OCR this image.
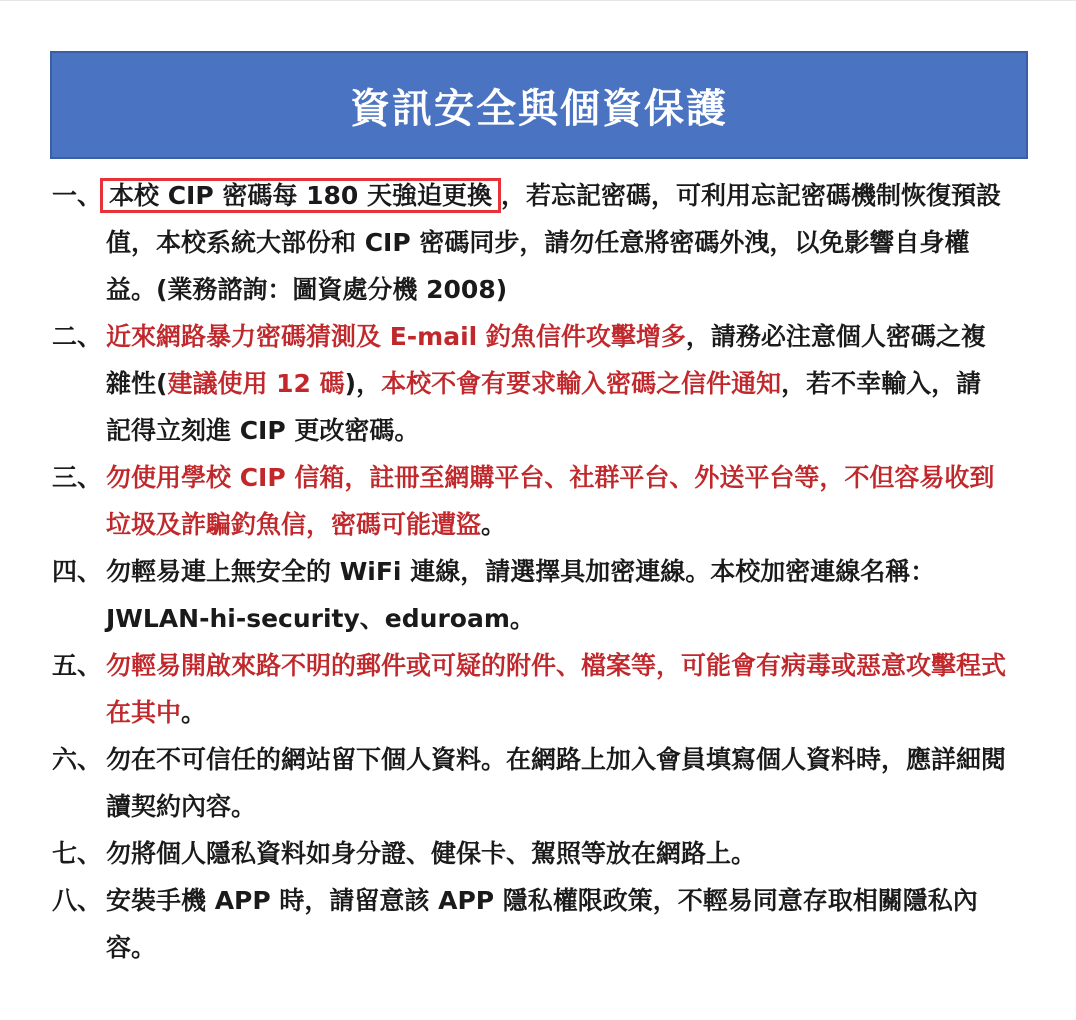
資訊安全與個資保護
一、 本校 CIP 密碼每 180 天強迫更換 ，若忘記密碼，可利用忘記密碼機制恢復預設值，本校系統大部份和 CIP 密碼同步，請勿任意將密碼外洩，以免影響自身權益。(業務諮詢：圖資處分機 2008)
二、 近來網路暴力密碼猜測及 E-mail 釣魚信件攻擊增多，請務必注意個人密碼之複雜性(建議使用 12 碼)，本校不會有要求輸入密碼之信件通知，若不幸輸入，請記得立刻進 CIP 更改密碼。
三、 勿使用學校 CIP 信箱，註冊至網購平台、社群平台、外送平台等，不但容易收到垃圾及詐騙釣魚信，密碼可能遭盜。
四、 勿輕易連上無安全的 WiFi 連線，請選擇具加密連線。本校加密連線名稱：JWLAN-hi-security、eduroam。
五、 勿輕易開啟來路不明的郵件或可疑的附件、檔案等，可能會有病毒或惡意攻擊程式在其中。
六、 勿在不可信任的網站留下個人資料。在網路上加入會員填寫個人資料時，應詳細閱讀契約內容。
七、 勿將個人隱私資料如身分證、健保卡、駕照等放在網路上。
八、 安裝手機 APP 時，請留意該 APP 隱私權限政策，不輕易同意存取相關隱私內容。
